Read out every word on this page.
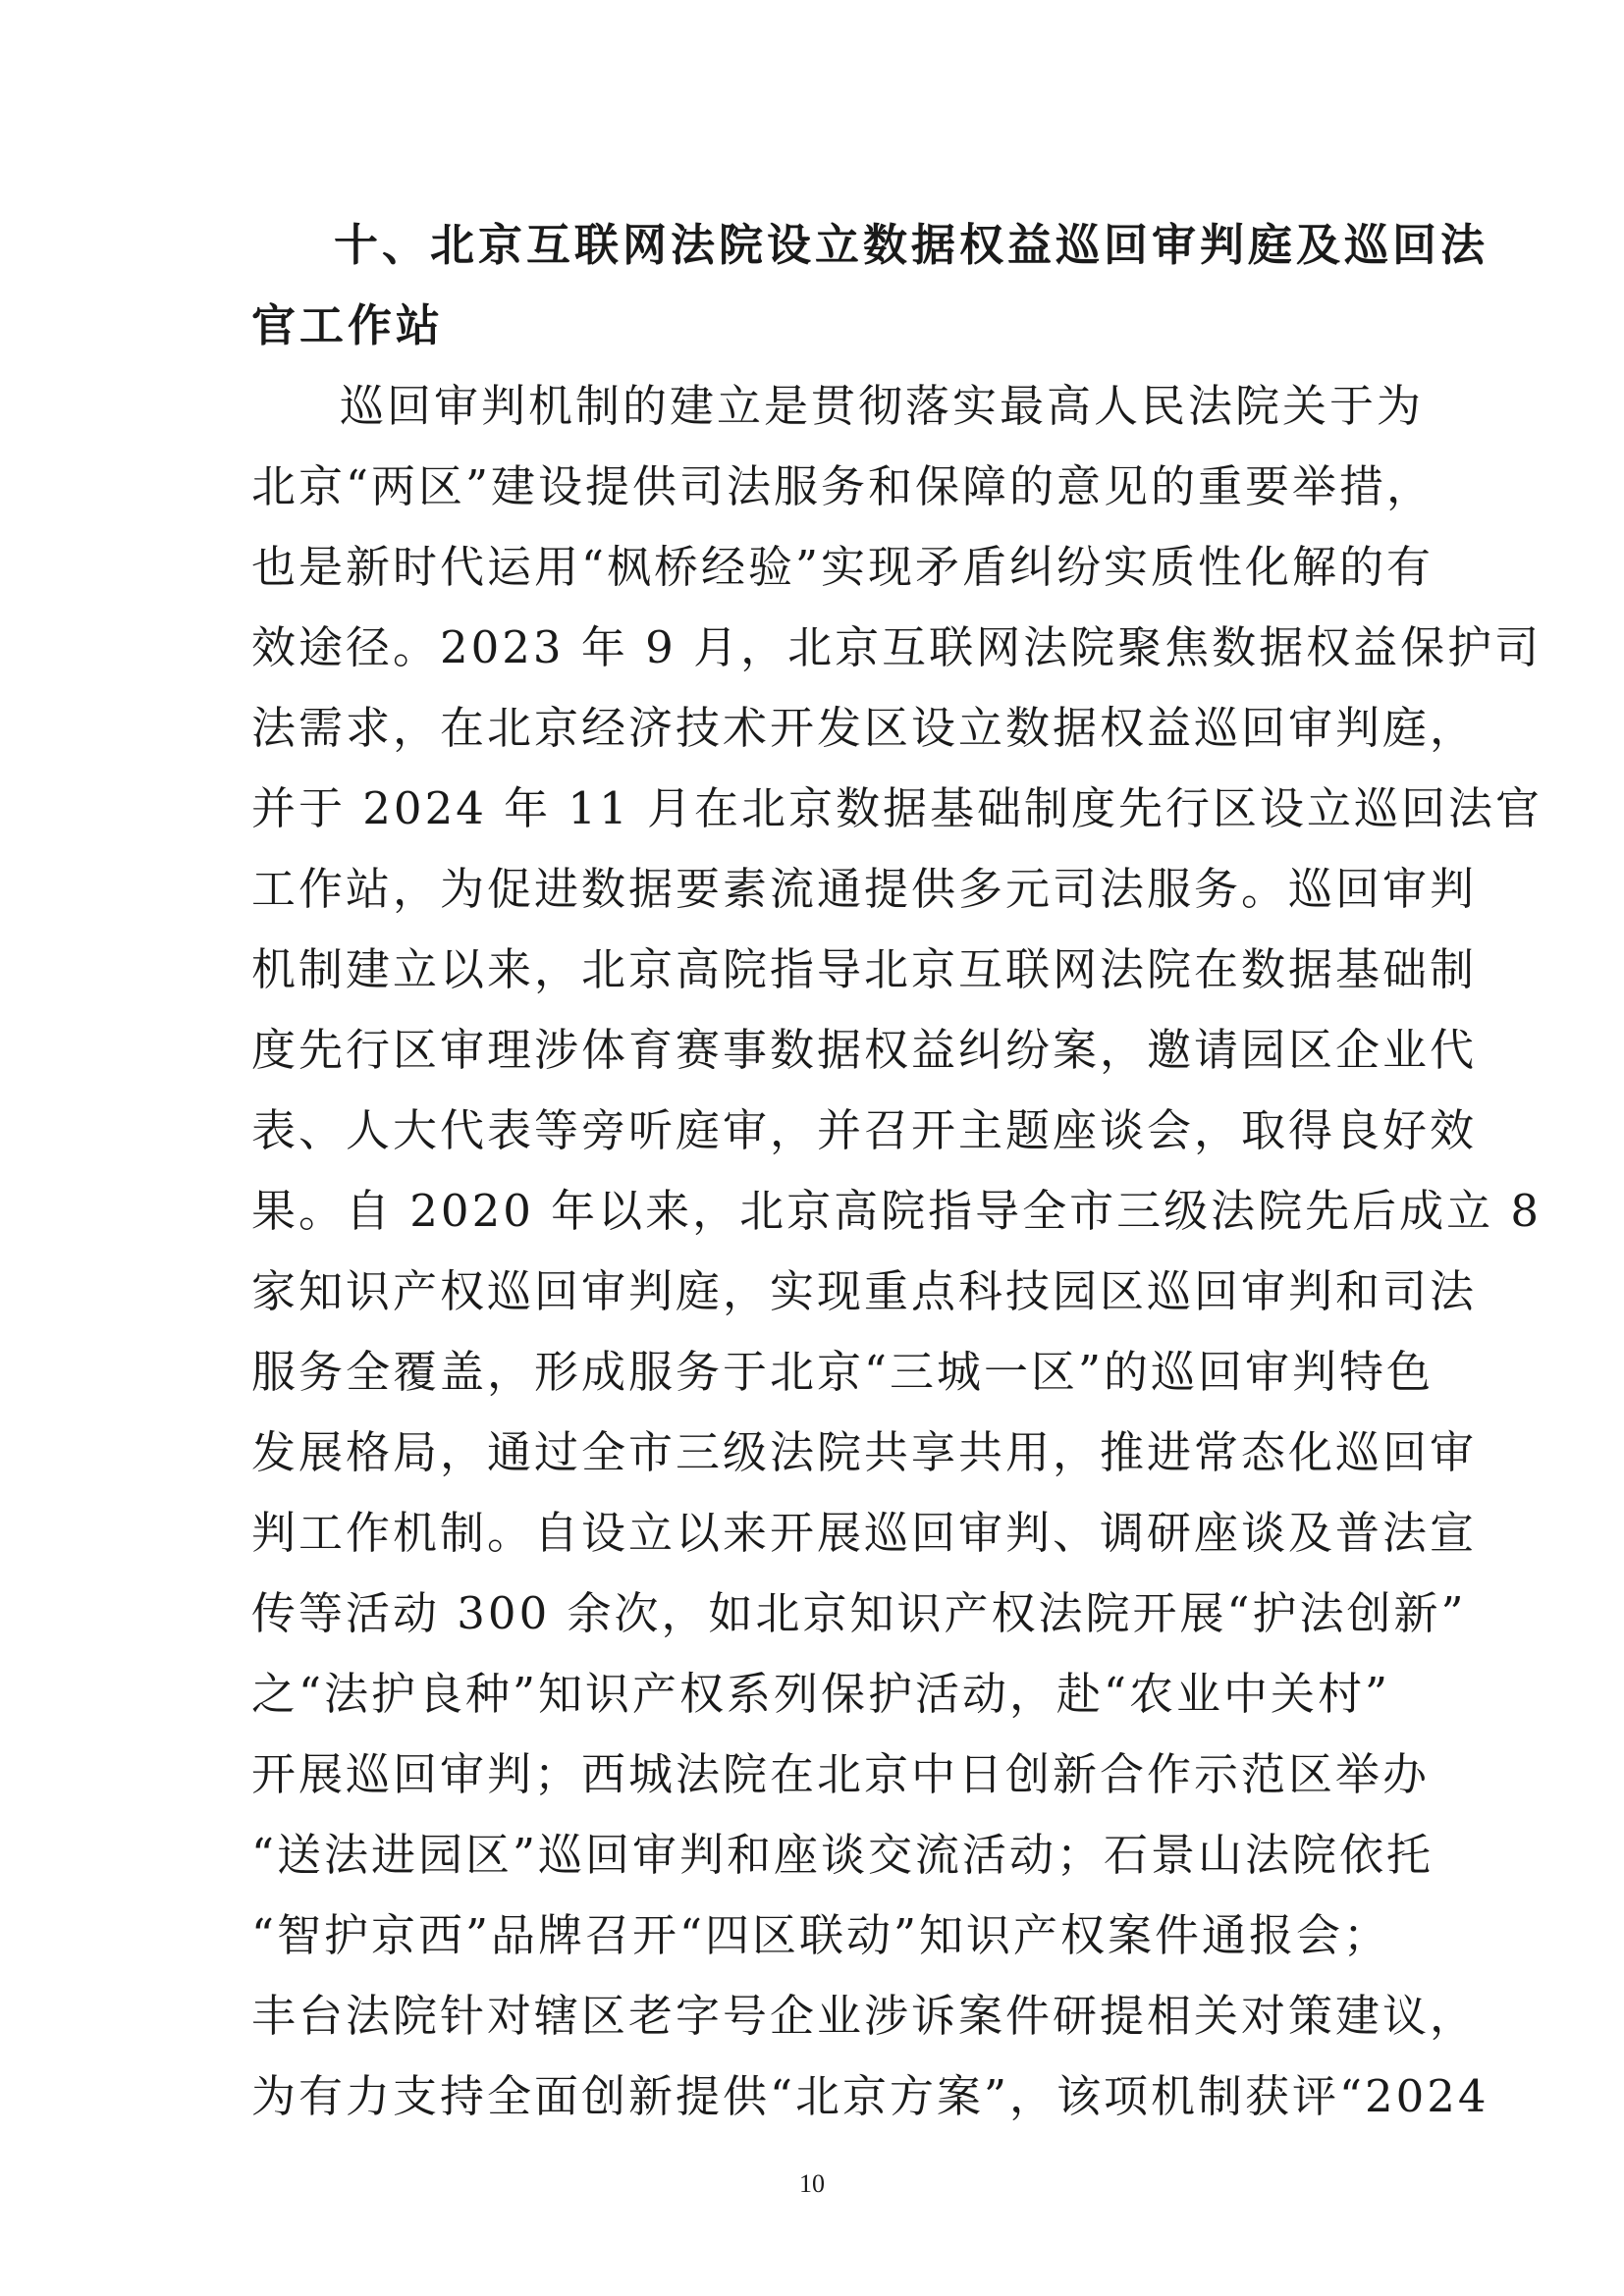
十、北京互联网法院设立数据权益巡回审判庭及巡回法
官工作站
巡回审判机制的建立是贯彻落实最高人民法院关于为
北京“两区”建设提供司法服务和保障的意见的重要举措，
也是新时代运用“枫桥经验”实现矛盾纠纷实质性化解的有
效途径。2023 年 9 月，北京互联网法院聚焦数据权益保护司
法需求，在北京经济技术开发区设立数据权益巡回审判庭，
并于 2024 年 11 月在北京数据基础制度先行区设立巡回法官
工作站，为促进数据要素流通提供多元司法服务。巡回审判
机制建立以来，北京高院指导北京互联网法院在数据基础制
度先行区审理涉体育赛事数据权益纠纷案，邀请园区企业代
表、人大代表等旁听庭审，并召开主题座谈会，取得良好效
果。自 2020 年以来，北京高院指导全市三级法院先后成立 8
家知识产权巡回审判庭，实现重点科技园区巡回审判和司法
服务全覆盖，形成服务于北京“三城一区”的巡回审判特色
发展格局，通过全市三级法院共享共用，推进常态化巡回审
判工作机制。自设立以来开展巡回审判、调研座谈及普法宣
传等活动 300 余次，如北京知识产权法院开展“护法创新”
之“法护良种”知识产权系列保护活动，赴“农业中关村”
开展巡回审判；西城法院在北京中日创新合作示范区举办
“送法进园区”巡回审判和座谈交流活动；石景山法院依托
“智护京西”品牌召开“四区联动”知识产权案件通报会；
丰台法院针对辖区老字号企业涉诉案件研提相关对策建议，
为有力支持全面创新提供“北京方案”，该项机制获评“2024
10
